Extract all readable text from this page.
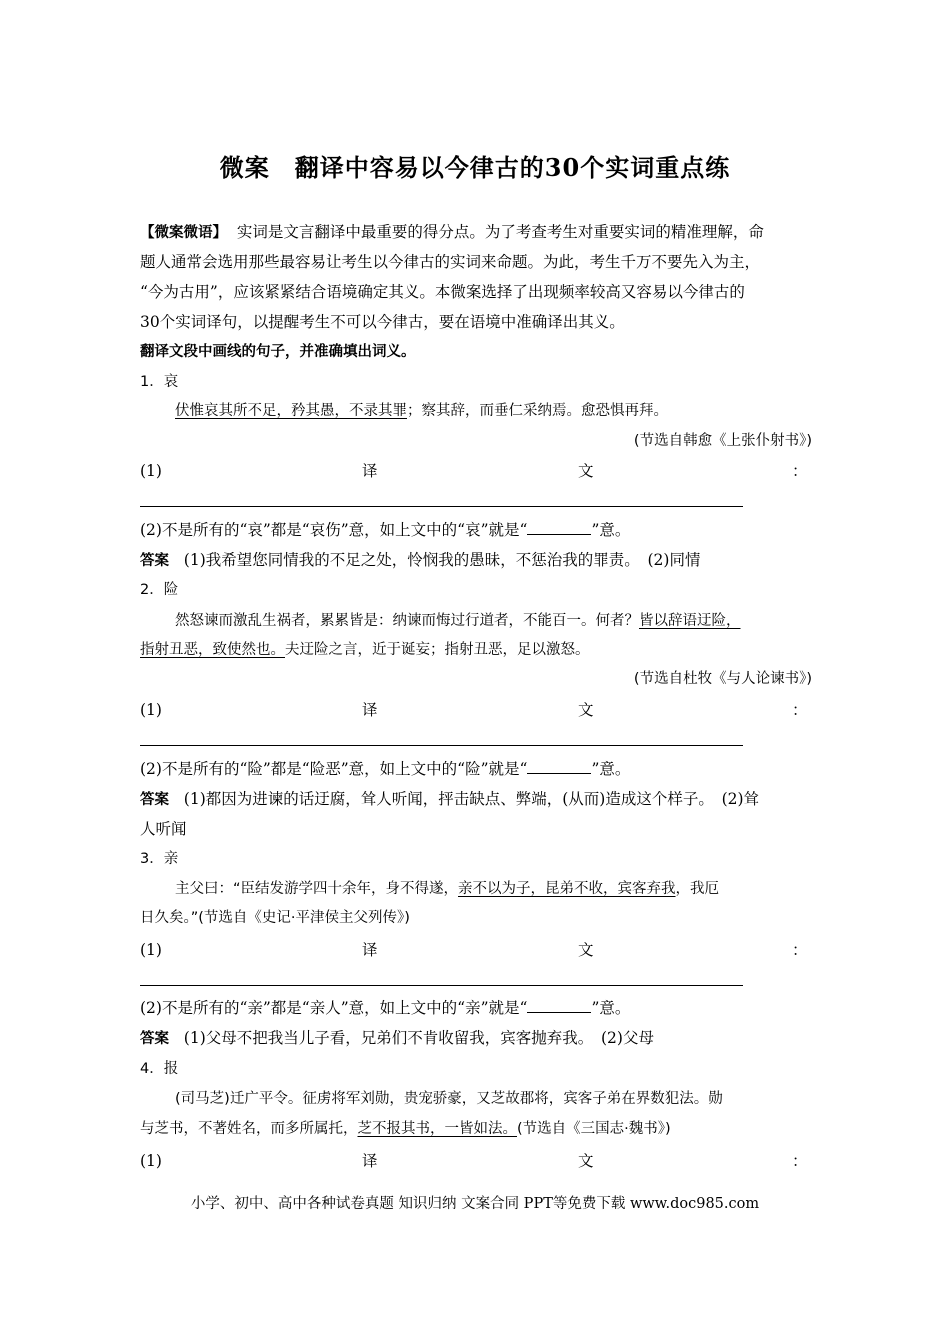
微案　翻译中容易以今律古的30个实词重点练
【微案微语】 实词是文言翻译中最重要的得分点。为了考查考生对重要实词的精准理解，命
题人通常会选用那些最容易让考生以今律古的实词来命题。为此，考生千万不要先入为主，
“今为古用”，应该紧紧结合语境确定其义。本微案选择了出现频率较高又容易以今律古的
30个实词译句，以提醒考生不可以今律古，要在语境中准确译出其义。
翻译文段中画线的句子，并准确填出词义。
1．哀
伏惟哀其所不足，矜其愚，不录其罪；察其辞，而垂仁采纳焉。愈恐惧再拜。
(节选自韩愈《上张仆射书》)
(1)	译	文	：
(2)不是所有的“哀”都是“哀伤”意，如上文中的“哀”就是“	”意。
答案 (1)我希望您同情我的不足之处，怜悯我的愚昧，不惩治我的罪责。　(2)同情
2．险
然怒谏而激乱生祸者，累累皆是：纳谏而悔过行道者，不能百一。何者？皆以辞语迂险，
指射丑恶，致使然也。夫迂险之言，近于诞妄；指射丑恶，足以激怒。
(节选自杜牧《与人论谏书》)
(1)	译	文	：
(2)不是所有的“险”都是“险恶”意，如上文中的“险”就是“	”意。
答案 (1)都因为进谏的话迂腐，耸人听闻，抨击缺点、弊端，(从而)造成这个样子。　(2)耸
人听闻
3．亲
主父曰：“臣结发游学四十余年，身不得遂，亲不以为子，昆弟不收，宾客弃我，我厄
日久矣。”(节选自《史记·平津侯主父列传》)
(1)	译	文	：
(2)不是所有的“亲”都是“亲人”意，如上文中的“亲”就是“	”意。
答案 (1)父母不把我当儿子看，兄弟们不肯收留我，宾客抛弃我。　(2)父母
4．报
(司马芝)迁广平令。征虏将军刘勋，贵宠骄豪，又芝故郡将，宾客子弟在界数犯法。勋
与芝书，不著姓名，而多所属托，芝不报其书，一皆如法。(节选自《三国志·魏书》)
(1)	译	文	：
小学、初中、高中各种试卷真题 知识归纳 文案合同 PPT等免费下载 www.doc985.com
